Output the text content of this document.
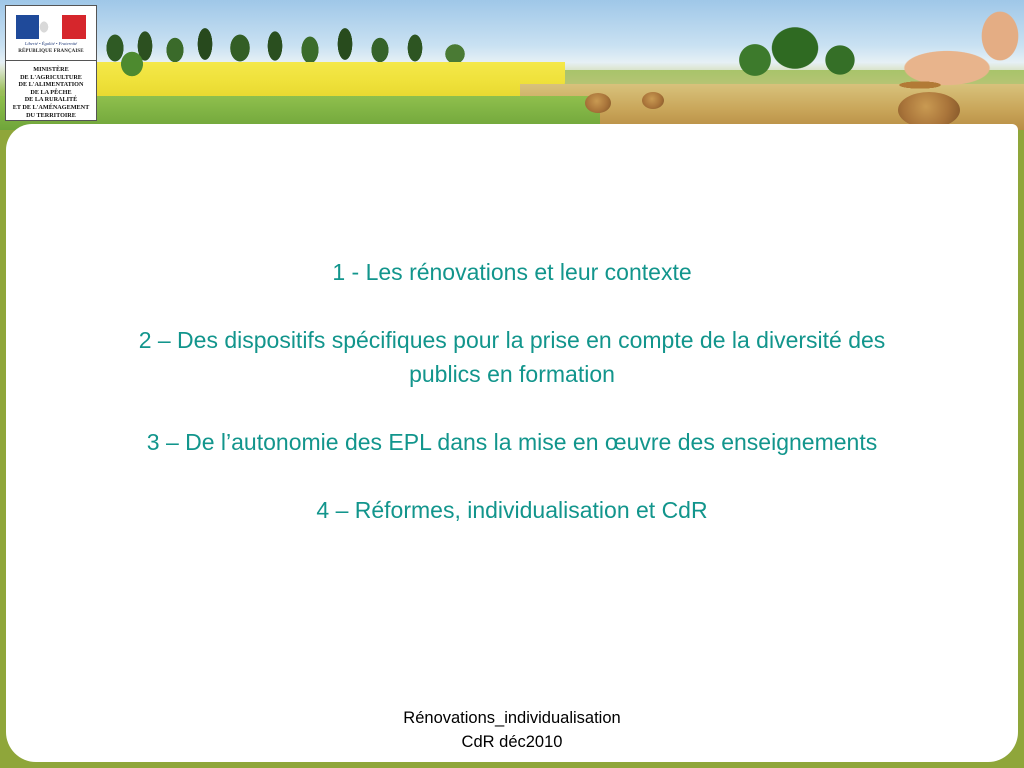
Liberté • Égalité • Fraternité
RÉPUBLIQUE FRANÇAISE
MINISTÈRE
DE L'AGRICULTURE
DE L'ALIMENTATION
DE LA PÊCHE
DE LA RURALITÉ
ET DE L'AMÉNAGEMENT
DU TERRITOIRE
1 - Les rénovations et leur contexte
2 – Des dispositifs spécifiques pour la prise en compte de la diversité des publics en formation
3 – De l’autonomie des EPL dans la mise en œuvre des enseignements
4 – Réformes, individualisation et CdR
Rénovations_individualisation
CdR déc2010
